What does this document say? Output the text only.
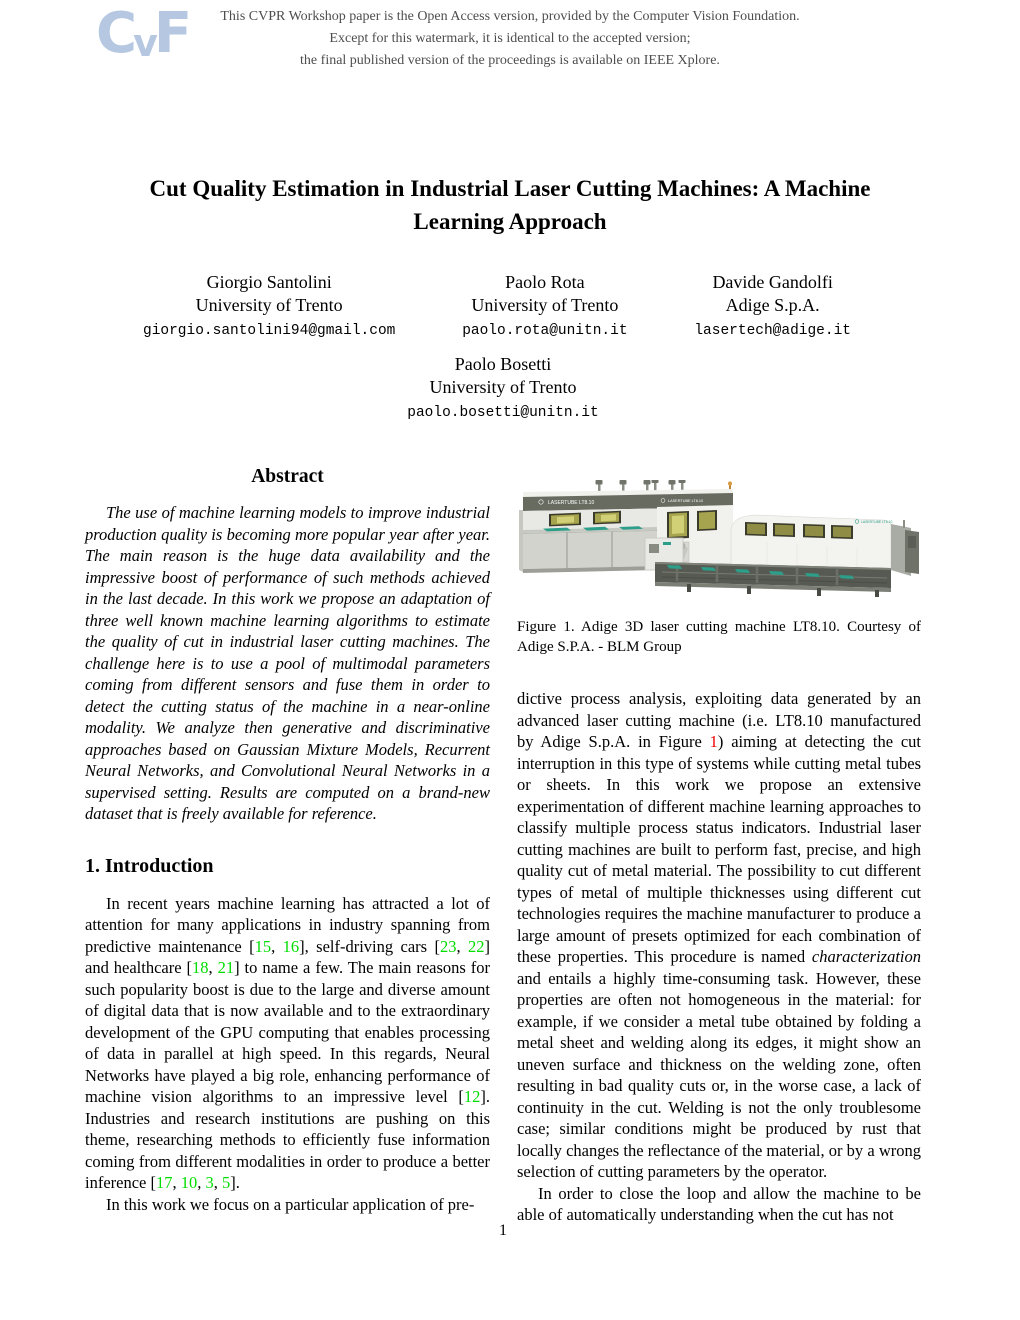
CvF	This CVPR Workshop paper is the Open Access version, provided by the Computer Vision Foundation.
Except for this watermark, it is identical to the accepted version;
the final published version of the proceedings is available on IEEE Xplore.
Cut Quality Estimation in Industrial Laser Cutting Machines: A Machine
Learning Approach
Giorgio Santolini
University of Trento
giorgio.santolini94@gmail.com
Paolo Rota
University of Trento
paolo.rota@unitn.it
Davide Gandolfi
Adige S.p.A.
lasertech@adige.it
Paolo Bosetti
University of Trento
paolo.bosetti@unitn.it
Abstract

The use of machine learning models to improve industrial production quality is becoming more popular year after year. The main reason is the huge data availability and the impressive boost of performance of such methods achieved in the last decade. In this work we propose an adaptation of three well known machine learning algorithms to estimate the quality of cut in industrial laser cutting machines. The challenge here is to use a pool of multimodal parameters coming from different sensors and fuse them in order to detect the cutting status of the machine in a near-online modality. We analyze then generative and discriminative approaches based on Gaussian Mixture Models, Recurrent Neural Networks, and Convolutional Neural Networks in a supervised setting. Results are computed on a brand-new dataset that is freely available for reference.

1. Introduction

In recent years machine learning has attracted a lot of attention for many applications in industry spanning from predictive maintenance [15, 16], self-driving cars [23, 22] and healthcare [18, 21] to name a few. The main reasons for such popularity boost is due to the large and diverse amount of digital data that is now available and to the extraordinary development of the GPU computing that enables processing of data in parallel at high speed. In this regards, Neural Networks have played a big role, enhancing performance of machine vision algorithms to an impressive level [12]. Industries and research institutions are pushing on this theme, researching methods to efficiently fuse information coming from different modalities in order to produce a better inference [17, 10, 3, 5].

In this work we focus on a particular application of pre-

LASERTUBE LT8.10	LASERTUBE LT8.10
LASERTUBE LT8.10
Figure 1. Adige 3D laser cutting machine LT8.10. Courtesy of Adige S.P.A. - BLM Group

dictive process analysis, exploiting data generated by an advanced laser cutting machine (i.e. LT8.10 manufactured by Adige S.p.A. in Figure 1) aiming at detecting the cut interruption in this type of systems while cutting metal tubes or sheets. In this work we propose an extensive experimentation of different machine learning approaches to classify multiple process status indicators. Industrial laser cutting machines are built to perform fast, precise, and high quality cut of metal material. The possibility to cut different types of metal of multiple thicknesses using different cut technologies requires the machine manufacturer to produce a large amount of presets optimized for each combination of these properties. This procedure is named characterization and entails a highly time-consuming task. However, these properties are often not homogeneous in the material: for example, if we consider a metal tube obtained by folding a metal sheet and welding along its edges, it might show an uneven surface and thickness on the welding zone, often resulting in bad quality cuts or, in the worse case, a lack of continuity in the cut. Welding is not the only troublesome case; similar conditions might be produced by rust that locally changes the reflectance of the material, or by a wrong selection of cutting parameters by the operator.

In order to close the loop and allow the machine to be able of automatically understanding when the cut has not

1
